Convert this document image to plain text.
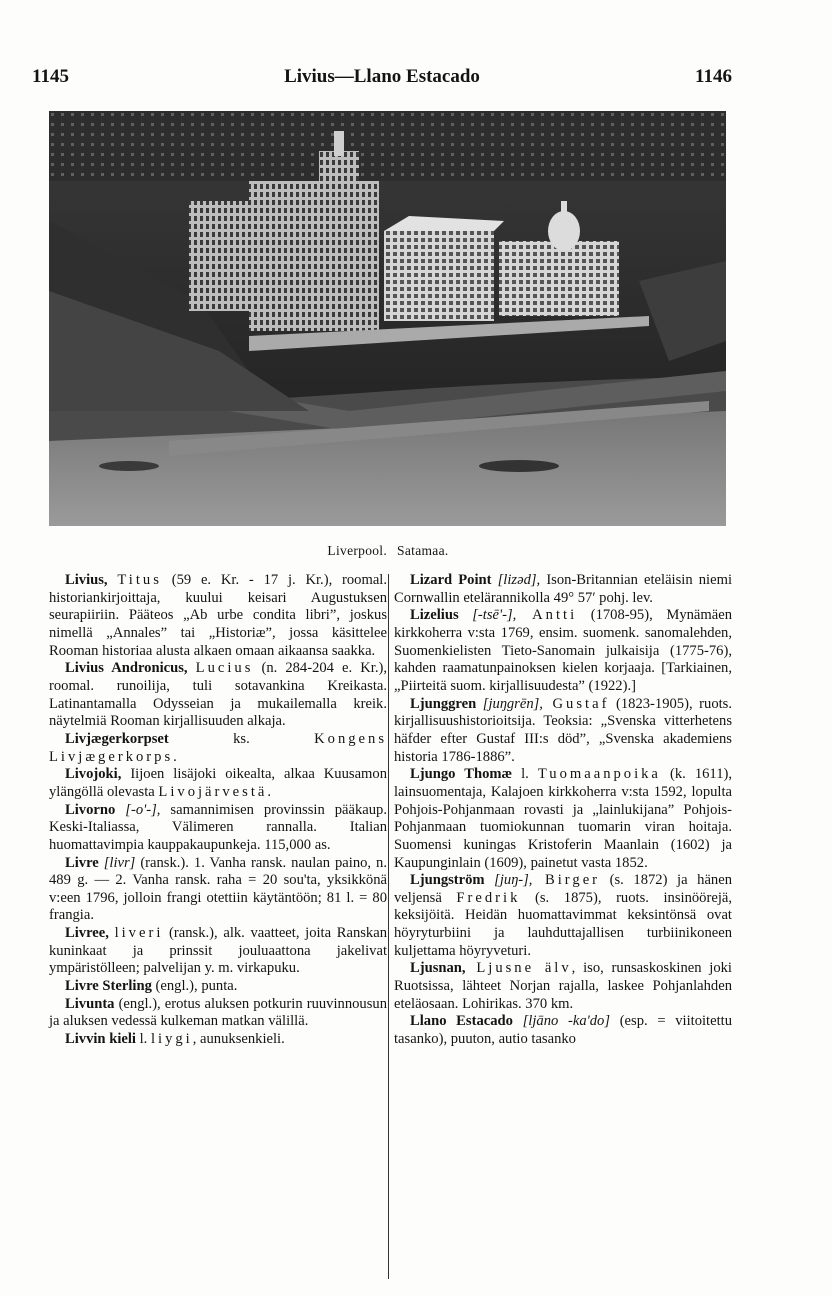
1145	Livius—Llano Estacado	1146
Liverpool. Satamaa.

Livius, Titus (59 e. Kr. - 17 j. Kr.), roomal. historiankirjoittaja, kuului keisari Augustuksen seurapiiriin. Pääteos „Ab urbe condita libri”, joskus nimellä „Annales” tai „Historiæ”, jossa käsittelee Rooman historiaa alusta alkaen omaan aikaansa saakka.

Livius Andronicus, Lucius (n. 284-204 e. Kr.), roomal. runoilija, tuli sotavankina Kreikasta. Latinantamalla Odysseian ja mukailemalla kreik. näytelmiä Rooman kirjallisuuden alkaja.

Livjægerkorpset ks. Kongens Livjægerkorps.

Livojoki, Iijoen lisäjoki oikealta, alkaa Kuusamon ylängöllä olevasta Livojärvestä.

Livorno [-o'-], samannimisen provinssin pääkaup. Keski-Italiassa, Välimeren rannalla. Italian huomattavimpia kauppakaupunkeja. 115,000 as.

Livre [livr] (ransk.). 1. Vanha ransk. naulan paino, n. 489 g. — 2. Vanha ransk. raha = 20 sou'ta, yksikkönä v:een 1796, jolloin frangi otettiin käytäntöön; 81 l. = 80 frangia.

Livree, liveri (ransk.), alk. vaatteet, joita Ranskan kuninkaat ja prinssit jouluaattona jakelivat ympäristölleen; palvelijan y. m. virkapuku.

Livre Sterling (engl.), punta.

Livunta (engl.), erotus aluksen potkurin ruuvinnousun ja aluksen vedessä kulkeman matkan välillä.

Livvin kieli l. liygi, aunuksenkieli.

Lizard Point [lizəd], Ison-Britannian eteläisin niemi Cornwallin etelärannikolla 49° 57′ pohj. lev.

Lizelius [-tsē'-], Antti (1708-95), Mynämäen kirkkoherra v:sta 1769, ensim. suomenk. sanomalehden, Suomenkielisten Tieto-Sanomain julkaisija (1775-76), kahden raamatunpainoksen kielen korjaaja. [Tarkiainen, „Piirteitä suom. kirjallisuudesta” (1922).]

Ljunggren [juŋgrēn], Gustaf (1823-1905), ruots. kirjallisuushistorioitsija. Teoksia: „Svenska vitterhetens häfder efter Gustaf III:s död”, „Svenska akademiens historia 1786-1886”.

Ljungo Thomæ l. Tuomaanpoika (k. 1611), lainsuomentaja, Kalajoen kirkkoherra v:sta 1592, lopulta Pohjois-Pohjanmaan rovasti ja „lainlukijana” Pohjois-Pohjanmaan tuomiokunnan tuomarin viran hoitaja. Suomensi kuningas Kristoferin Maanlain (1602) ja Kaupunginlain (1609), painetut vasta 1852.

Ljungström [juŋ-], Birger (s. 1872) ja hänen veljensä Fredrik (s. 1875), ruots. insinöörejä, keksijöitä. Heidän huomattavimmat keksintönsä ovat höyryturbiini ja lauhduttajallisen turbiinikoneen kuljettama höyryveturi.

Ljusnan, Ljusne älv, iso, runsaskoskinen joki Ruotsissa, lähteet Norjan rajalla, laskee Pohjanlahden eteläosaan. Lohirikas. 370 km.

Llano Estacado [ljāno -ka'do] (esp. = viitoitettu tasanko), puuton, autio tasanko
